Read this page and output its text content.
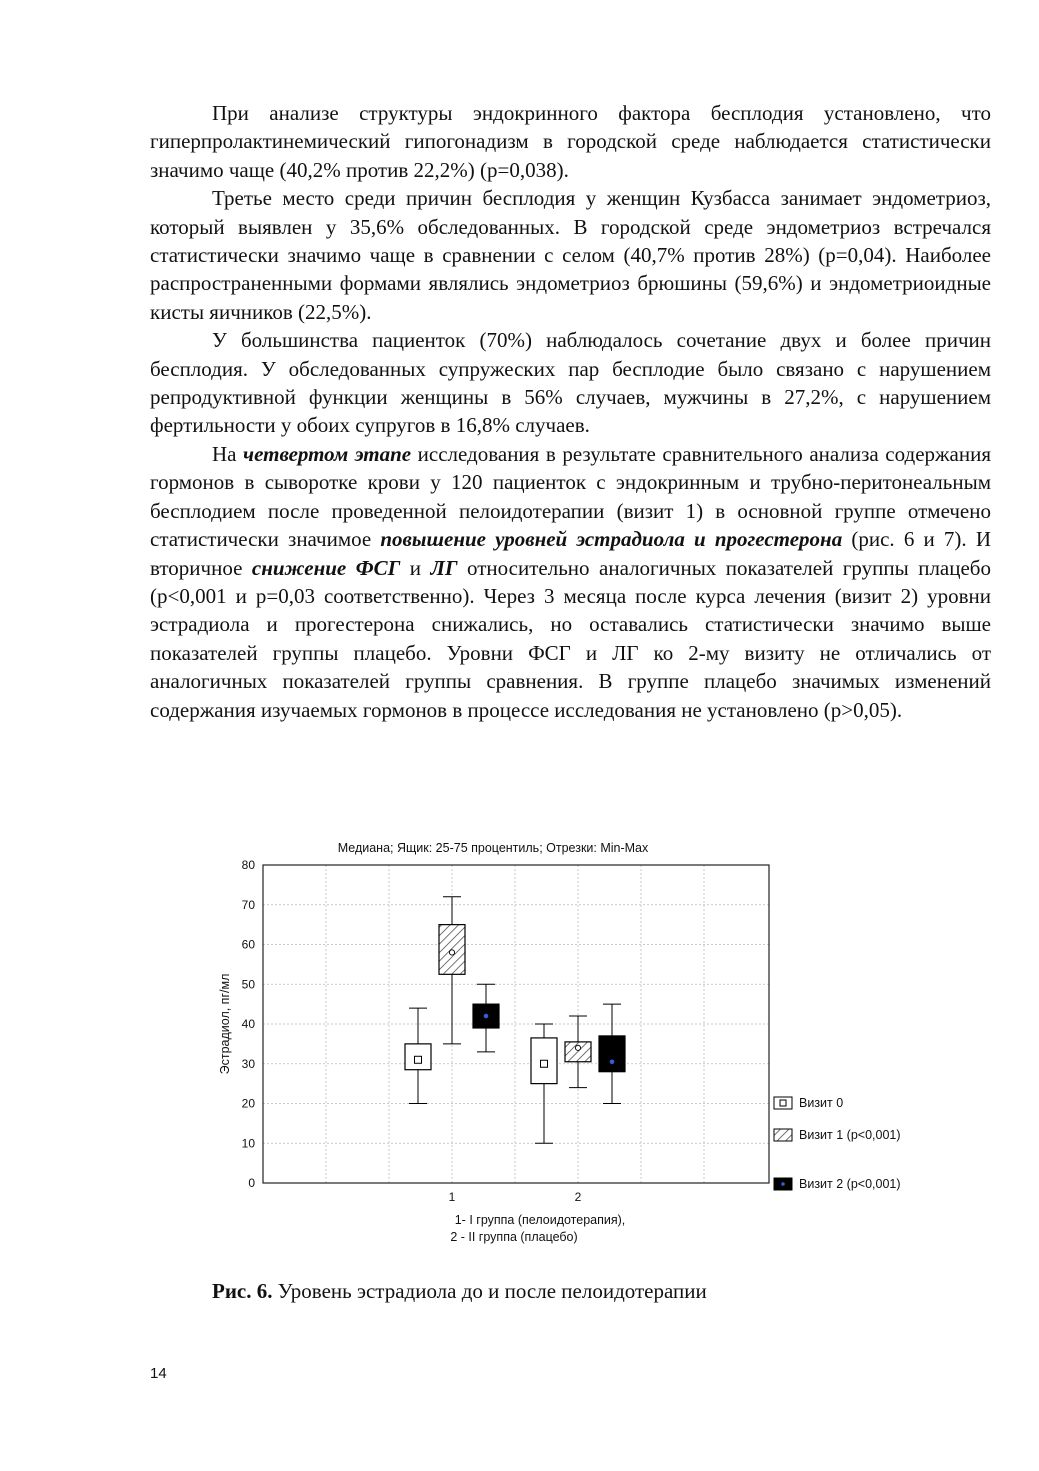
При анализе структуры эндокринного фактора бесплодия установлено, что гиперпролактинемический гипогонадизм в городской среде наблюдается статистически значимо чаще (40,2% против 22,2%) (p=0,038).

Третье место среди причин бесплодия у женщин Кузбасса занимает эндометриоз, который выявлен у 35,6% обследованных. В городской среде эндометриоз встречался статистически значимо чаще в сравнении с селом (40,7% против 28%) (p=0,04). Наиболее распространенными формами являлись эндометриоз брюшины (59,6%) и эндометриоидные кисты яичников (22,5%).

У большинства пациенток (70%) наблюдалось сочетание двух и более причин бесплодия. У обследованных супружеских пар бесплодие было связано с нарушением репродуктивной функции женщины в 56% случаев, мужчины в 27,2%, с нарушением фертильности у обоих супругов в 16,8% случаев.

На четвертом этапе исследования в результате сравнительного анализа содержания гормонов в сыворотке крови у 120 пациенток с эндокринным и трубно-перитонеальным бесплодием после проведенной пелоидотерапии (визит 1) в основной группе отмечено статистически значимое повышение уровней эстрадиола и прогестерона (рис. 6 и 7). И вторичное снижение ФСГ и ЛГ относительно аналогичных показателей группы плацебо (p<0,001 и p=0,03 соответственно). Через 3 месяца после курса лечения (визит 2) уровни эстрадиола и прогестерона снижались, но оставались статистически значимо выше показателей группы плацебо. Уровни ФСГ и ЛГ ко 2-му визиту не отличались от аналогичных показателей группы сравнения. В группе плацебо значимых изменений содержания изучаемых гормонов в процессе исследования не установлено (p>0,05).

Медиана; Ящик: 25-75 процентиль; Отрезки: Min-Max
0
10
20
30
40
50
60
70
80
1	2
Эстрадиол, пг/мл
1- I группа (пелоидотерапия),
2 - II группа (плацебо)
Визит 0
Визит 1 (p<0,001)
Визит 2 (p<0,001)
Рис. 6. Уровень эстрадиола до и после пелоидотерапии
14
